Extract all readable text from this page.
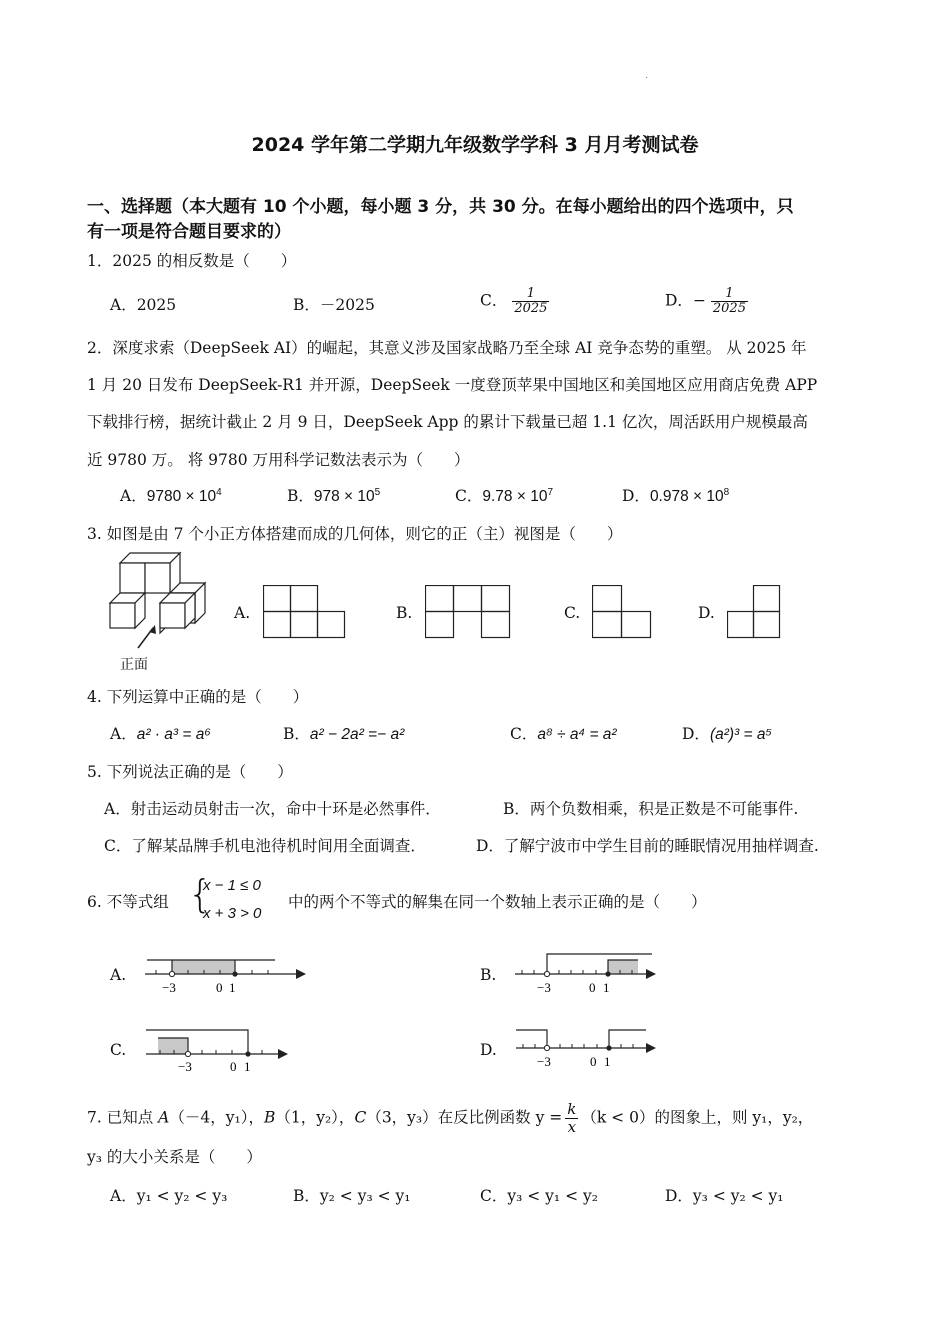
·
2024 学年第二学期九年级数学学科 3 月月考测试卷
一、选择题（本大题有 10 个小题，每小题 3 分，共 30 分。在每小题给出的四个选项中，只
有一项是符合题目要求的）
1．2025 的相反数是（　　）
A．2025	B．－2025	C． $\frac{1}{2025}$	D．− $\frac{1}{2025}$
2．深度求索（DeepSeek AI）的崛起，其意义涉及国家战略乃至全球 AI 竞争态势的重塑。 从 2025 年
1 月 20 日发布 DeepSeek-R1 并开源，DeepSeek 一度登顶苹果中国地区和美国地区应用商店免费 APP
下载排行榜，据统计截止 2 月 9 日，DeepSeek App 的累计下载量已超 1.1 亿次，周活跃用户规模最高
近 9780 万。 将 9780 万用科学记数法表示为（　　）
A．$9780 \times 10^4$	B．$978 \times 10^5$	C．$9.78 \times 10^7$	D．$0.978 \times 10^8$
3. 如图是由 7 个小正方体搭建而成的几何体，则它的正（主）视图是（　　）
正面
A.	B.	C.	D.
4. 下列运算中正确的是（　　）
A．a² · a³ = a⁶	B．a² − 2a² =− a²	C．a⁸ ÷ a⁴ = a²	D．(a²)³ = a⁵
5. 下列说法正确的是（　　）
A．射击运动员射击一次，命中十环是必然事件．	B．两个负数相乘，积是正数是不可能事件.
C．了解某品牌手机电池待机时间用全面调查．	D．了解宁波市中学生目前的睡眠情况用抽样调查.
6. 不等式组 {
x − 1 ≤ 0
x + 3 > 0
中的两个不等式的解集在同一个数轴上表示正确的是（　　）
A.
−3	0 1
B.
−3	0 1
C.
−3	0 1
D.
−3	0 1
7. 已知点 A（－4，y₁），B（1，y₂），C（3，y₃）在反比例函数 $y = \frac{k}{x} (k < 0)$的图象上，则 y₁，y₂，
y₃ 的大小关系是（　　）
A．y₁ < y₂ < y₃	B．y₂ < y₃ < y₁	C．y₃ < y₁ < y₂	D．y₃ < y₂ < y₁
